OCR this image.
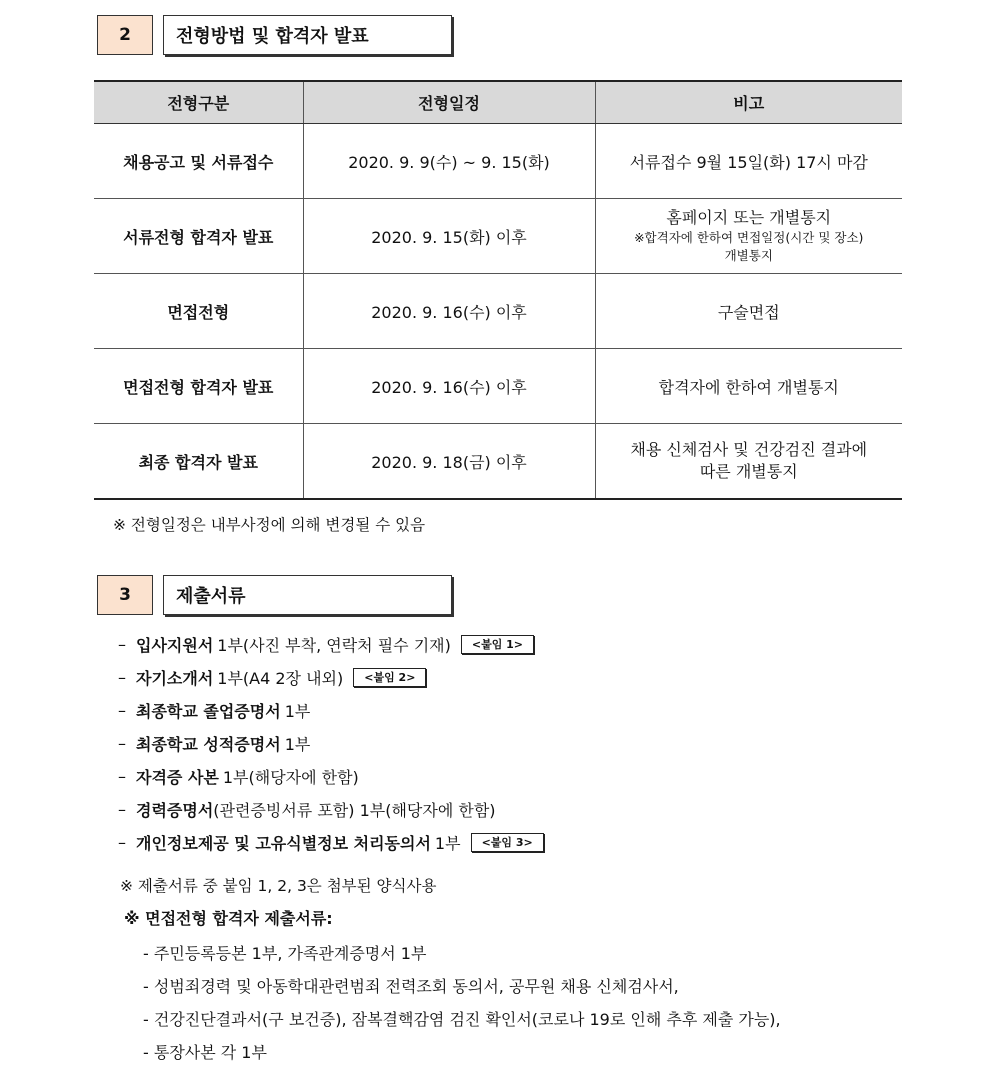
2	전형방법 및 합격자 발표
전형구분	전형일정	비고
채용공고 및 서류접수	2020. 9. 9(수) ~ 9. 15(화)	서류접수 9월 15일(화) 17시 마감
서류전형 합격자 발표	2020. 9. 15(화) 이후	홈페이지 또는 개별통지
※합격자에 한하여 면접일정(시간 및 장소)
개별통지

면접전형	2020. 9. 16(수) 이후	구술면접
면접전형 합격자 발표	2020. 9. 16(수) 이후	합격자에 한하여 개별통지
최종 합격자 발표	2020. 9. 18(금) 이후	채용 신체검사 및 건강검진 결과에
따른 개별통지
※ 전형일정은 내부사정에 의해 변경될 수 있음
3	제출서류
– 입사지원서 1부(사진 부착, 연락처 필수 기재)	<붙임 1>
– 자기소개서 1부(A4 2장 내외)	<붙임 2>
– 최종학교 졸업증명서 1부
– 최종학교 성적증명서 1부
– 자격증 사본 1부(해당자에 한함)
– 경력증명서 (관련증빙서류 포함) 1부(해당자에 한함)
– 개인정보제공 및 고유식별정보 처리동의서 1부	<붙임 3>
※ 제출서류 중 붙임 1, 2, 3은 첨부된 양식사용
※ 면접전형 합격자 제출서류:
- 주민등록등본 1부, 가족관계증명서 1부
- 성범죄경력 및 아동학대관련범죄 전력조회 동의서, 공무원 채용 신체검사서,
- 건강진단결과서(구 보건증), 잠복결핵감염 검진 확인서(코로나 19로 인해 추후 제출 가능),
- 통장사본 각 1부
